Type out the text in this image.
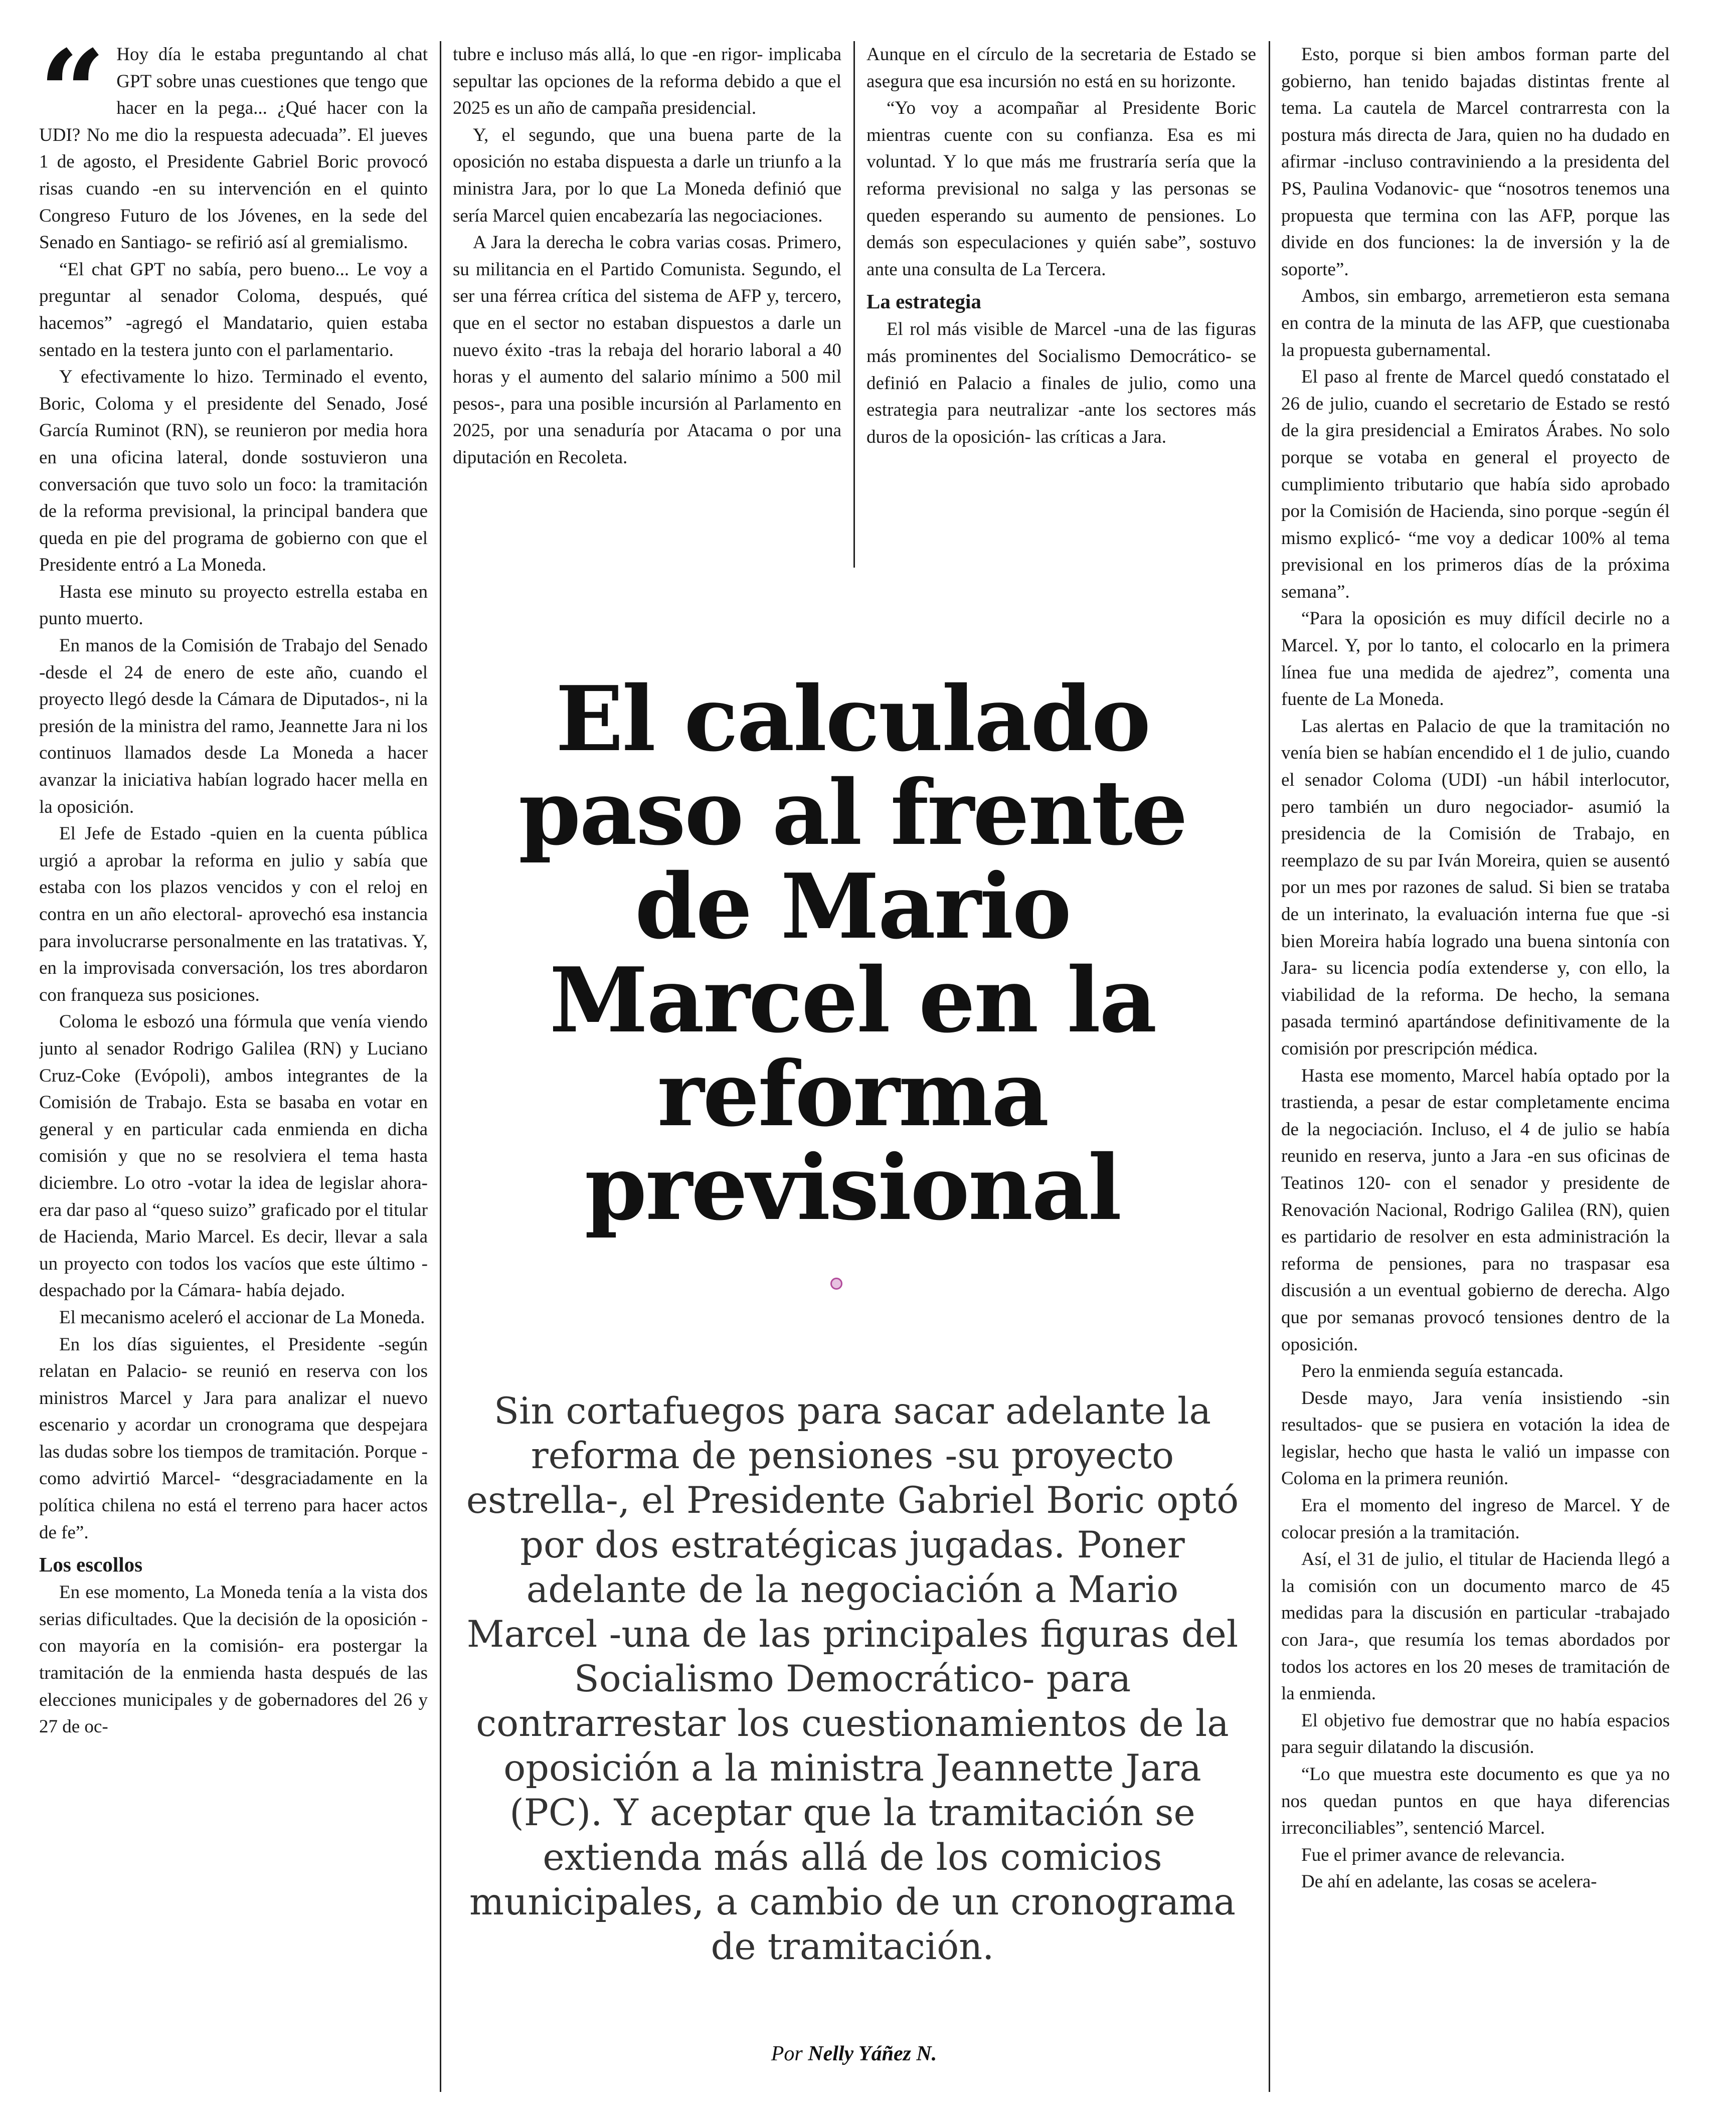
“ Hoy día le estaba preguntando al chat GPT sobre unas cuestiones que tengo que hacer en la pega... ¿Qué hacer con la UDI? No me dio la respuesta adecuada”. El jueves 1 de agosto, el Presidente Gabriel Boric provocó risas cuando -en su intervención en el quinto Congreso Futuro de los Jóvenes, en la sede del Senado en Santiago- se refirió así al gremialismo.

“El chat GPT no sabía, pero bueno... Le voy a preguntar al senador Coloma, después, qué hacemos” -agregó el Mandatario, quien estaba sentado en la testera junto con el parlamentario.

Y efectivamente lo hizo. Terminado el evento, Boric, Coloma y el presidente del Senado, José García Ruminot (RN), se reunieron por media hora en una oficina lateral, donde sostuvieron una conversación que tuvo solo un foco: la tramitación de la reforma previsional, la principal bandera que queda en pie del programa de gobierno con que el Presidente entró a La Moneda.

Hasta ese minuto su proyecto estrella estaba en punto muerto.

En manos de la Comisión de Trabajo del Senado -desde el 24 de enero de este año, cuando el proyecto llegó desde la Cámara de Diputados-, ni la presión de la ministra del ramo, Jeannette Jara ni los continuos llamados desde La Moneda a hacer avanzar la iniciativa habían logrado hacer mella en la oposición.

El Jefe de Estado -quien en la cuenta pública urgió a aprobar la reforma en julio y sabía que estaba con los plazos vencidos y con el reloj en contra en un año electoral- aprovechó esa instancia para involucrarse personalmente en las tratativas. Y, en la improvisada conversación, los tres abordaron con franqueza sus posiciones.

Coloma le esbozó una fórmula que venía viendo junto al senador Rodrigo Galilea (RN) y Luciano Cruz-Coke (Evópoli), ambos integrantes de la Comisión de Trabajo. Esta se basaba en votar en general y en particular cada enmienda en dicha comisión y que no se resolviera el tema hasta diciembre. Lo otro -votar la idea de legislar ahora- era dar paso al “queso suizo” graficado por el titular de Hacienda, Mario Marcel. Es decir, llevar a sala un proyecto con todos los vacíos que este último -despachado por la Cámara- había dejado.

El mecanismo aceleró el accionar de La Moneda.

En los días siguientes, el Presidente -según relatan en Palacio- se reunió en reserva con los ministros Marcel y Jara para analizar el nuevo escenario y acordar un cronograma que despejara las dudas sobre los tiempos de tramitación. Porque -como advirtió Marcel- “desgraciadamente en la política chilena no está el terreno para hacer actos de fe”.

Los escollos

En ese momento, La Moneda tenía a la vista dos serias dificultades. Que la decisión de la oposición -con mayoría en la comisión- era postergar la tramitación de la enmienda hasta después de las elecciones municipales y de gobernadores del 26 y 27 de oc-

tubre e incluso más allá, lo que -en rigor- implicaba sepultar las opciones de la reforma debido a que el 2025 es un año de campaña presidencial.

Y, el segundo, que una buena parte de la oposición no estaba dispuesta a darle un triunfo a la ministra Jara, por lo que La Moneda definió que sería Marcel quien encabezaría las negociaciones.

A Jara la derecha le cobra varias cosas. Primero, su militancia en el Partido Comunista. Segundo, el ser una férrea crítica del sistema de AFP y, tercero, que en el sector no estaban dispuestos a darle un nuevo éxito -tras la rebaja del horario laboral a 40 horas y el aumento del salario mínimo a 500 mil pesos-, para una posible incursión al Parlamento en 2025, por una senaduría por Atacama o por una diputación en Recoleta.

Aunque en el círculo de la secretaria de Estado se asegura que esa incursión no está en su horizonte.

“Yo voy a acompañar al Presidente Boric mientras cuente con su confianza. Esa es mi voluntad. Y lo que más me frustraría sería que la reforma previsional no salga y las personas se queden esperando su aumento de pensiones. Lo demás son especulaciones y quién sabe”, sostuvo ante una consulta de La Tercera.

La estrategia

El rol más visible de Marcel -una de las figuras más prominentes del Socialismo Democrático- se definió en Palacio a finales de julio, como una estrategia para neutralizar -ante los sectores más duros de la oposición- las críticas a Jara.

Esto, porque si bien ambos forman parte del gobierno, han tenido bajadas distintas frente al tema. La cautela de Marcel contrarresta con la postura más directa de Jara, quien no ha dudado en afirmar -incluso contraviniendo a la presidenta del PS, Paulina Vodanovic- que “nosotros tenemos una propuesta que termina con las AFP, porque las divide en dos funciones: la de inversión y la de soporte”.

Ambos, sin embargo, arremetieron esta semana en contra de la minuta de las AFP, que cuestionaba la propuesta gubernamental.

El paso al frente de Marcel quedó constatado el 26 de julio, cuando el secretario de Estado se restó de la gira presidencial a Emiratos Árabes. No solo porque se votaba en general el proyecto de cumplimiento tributario que había sido aprobado por la Comisión de Hacienda, sino porque -según él mismo explicó- “me voy a dedicar 100% al tema previsional en los primeros días de la próxima semana”.

“Para la oposición es muy difícil decirle no a Marcel. Y, por lo tanto, el colocarlo en la primera línea fue una medida de ajedrez”, comenta una fuente de La Moneda.

Las alertas en Palacio de que la tramitación no venía bien se habían encendido el 1 de julio, cuando el senador Coloma (UDI) -un hábil interlocutor, pero también un duro negociador- asumió la presidencia de la Comisión de Trabajo, en reemplazo de su par Iván Moreira, quien se ausentó por un mes por razones de salud. Si bien se trataba de un interinato, la evaluación interna fue que -si bien Moreira había logrado una buena sintonía con Jara- su licencia podía extenderse y, con ello, la viabilidad de la reforma. De hecho, la semana pasada terminó apartándose definitivamente de la comisión por prescripción médica.

Hasta ese momento, Marcel había optado por la trastienda, a pesar de estar completamente encima de la negociación. Incluso, el 4 de julio se había reunido en reserva, junto a Jara -en sus oficinas de Teatinos 120- con el senador y presidente de Renovación Nacional, Rodrigo Galilea (RN), quien es partidario de resolver en esta administración la reforma de pensiones, para no traspasar esa discusión a un eventual gobierno de derecha. Algo que por semanas provocó tensiones dentro de la oposición.

Pero la enmienda seguía estancada.

Desde mayo, Jara venía insistiendo -sin resultados- que se pusiera en votación la idea de legislar, hecho que hasta le valió un impasse con Coloma en la primera reunión.

Era el momento del ingreso de Marcel. Y de colocar presión a la tramitación.

Así, el 31 de julio, el titular de Hacienda llegó a la comisión con un documento marco de 45 medidas para la discusión en particular -trabajado con Jara-, que resumía los temas abordados por todos los actores en los 20 meses de tramitación de la enmienda.

El objetivo fue demostrar que no había espacios para seguir dilatando la discusión.

“Lo que muestra este documento es que ya no nos quedan puntos en que haya diferencias irreconciliables”, sentenció Marcel.

Fue el primer avance de relevancia.

De ahí en adelante, las cosas se acelera-

El calculado paso al frente de Mario Marcel en la reforma previsional

Sin cortafuegos para sacar adelante la reforma de pensiones -su proyecto estrella-, el Presidente Gabriel Boric optó por dos estratégicas jugadas. Poner adelante de la negociación a Mario Marcel -una de las principales figuras del Socialismo Democrático- para contrarrestar los cuestionamientos de la oposición a la ministra Jeannette Jara (PC). Y aceptar que la tramitación se extienda más allá de los comicios municipales, a cambio de un cronograma de tramitación.

Por Nelly Yáñez N.
